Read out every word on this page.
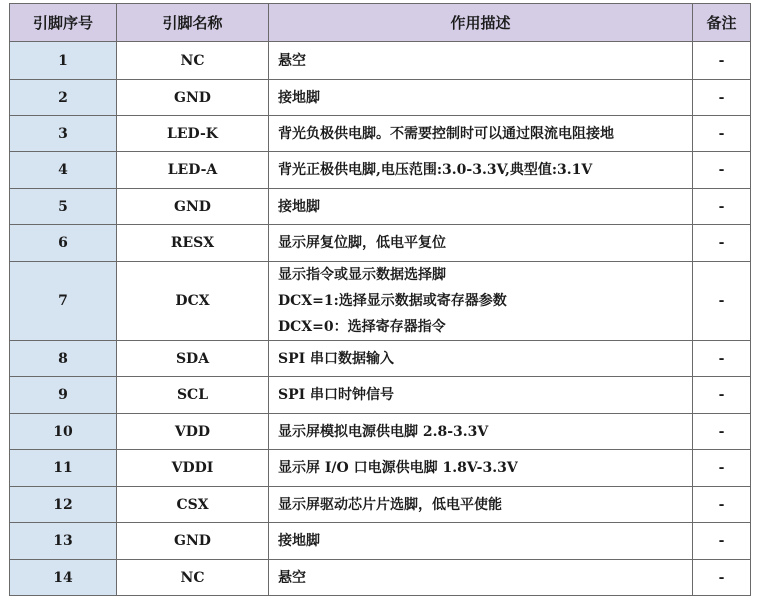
引脚序号	引脚名称	作用描述	备注
1	NC	悬空	-
2	GND	接地脚	-
3	LED-K	背光负极供电脚。不需要控制时可以通过限流电阻接地	-
4	LED-A	背光正极供电脚,电压范围:3.0-3.3V,典型值:3.1V	-
5	GND	接地脚	-
6	RESX	显示屏复位脚，低电平复位	-
7	DCX	显示指令或显示数据选择脚
DCX=1:选择显示数据或寄存器参数
DCX=0：选择寄存器指令	-
8	SDA	SPI 串口数据输入	-
9	SCL	SPI 串口时钟信号	-
10	VDD	显示屏模拟电源供电脚 2.8-3.3V	-
11	VDDI	显示屏 I/O 口电源供电脚 1.8V-3.3V	-
12	CSX	显示屏驱动芯片片选脚，低电平使能	-
13	GND	接地脚	-
14	NC	悬空	-
